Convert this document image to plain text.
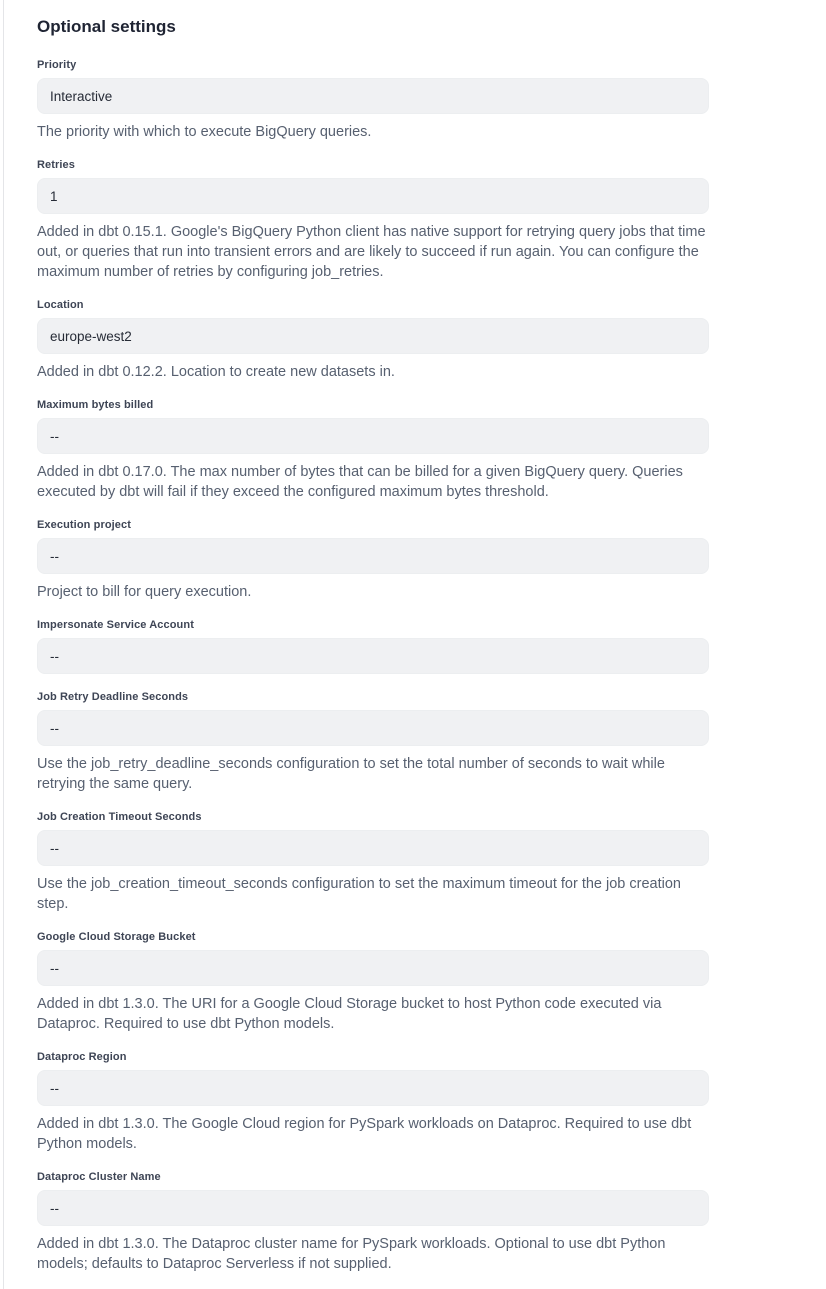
Optional settings
Priority
Interactive
The priority with which to execute BigQuery queries.
Retries
1
Added in dbt 0.15.1. Google's BigQuery Python client has native support for retrying query jobs that time out, or queries that run into transient errors and are likely to succeed if run again. You can configure the maximum number of retries by configuring job_retries.
Location
europe-west2
Added in dbt 0.12.2. Location to create new datasets in.
Maximum bytes billed
--
Added in dbt 0.17.0. The max number of bytes that can be billed for a given BigQuery query. Queries executed by dbt will fail if they exceed the configured maximum bytes threshold.
Execution project
--
Project to bill for query execution.
Impersonate Service Account
--
Job Retry Deadline Seconds
--
Use the job_retry_deadline_seconds configuration to set the total number of seconds to wait while retrying the same query.
Job Creation Timeout Seconds
--
Use the job_creation_timeout_seconds configuration to set the maximum timeout for the job creation step.
Google Cloud Storage Bucket
--
Added in dbt 1.3.0. The URI for a Google Cloud Storage bucket to host Python code executed via Dataproc. Required to use dbt Python models.
Dataproc Region
--
Added in dbt 1.3.0. The Google Cloud region for PySpark workloads on Dataproc. Required to use dbt Python models.
Dataproc Cluster Name
--
Added in dbt 1.3.0. The Dataproc cluster name for PySpark workloads. Optional to use dbt Python models; defaults to Dataproc Serverless if not supplied.
